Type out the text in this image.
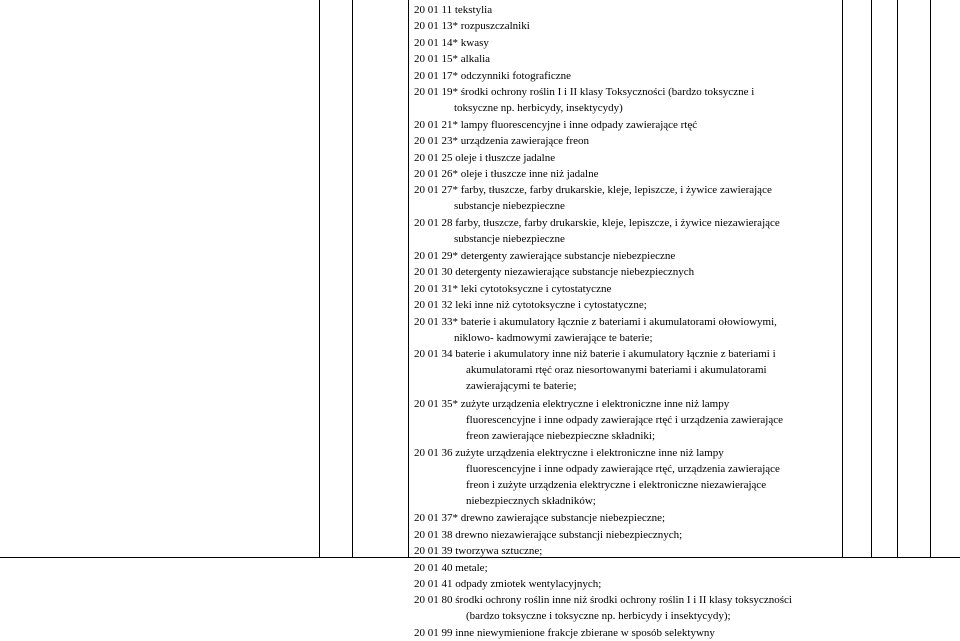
20 01 11 tekstylia
20 01 13* rozpuszczalniki
20 01 14* kwasy
20 01 15* alkalia
20 01 17* odczynniki fotograficzne
20 01 19* środki ochrony roślin I i II klasy Toksyczności (bardzo toksyczne i
toksyczne np. herbicydy, insektycydy)
20 01 21* lampy fluorescencyjne i inne odpady zawierające rtęć
20 01 23* urządzenia zawierające freon
20 01 25 oleje i tłuszcze jadalne
20 01 26* oleje i tłuszcze inne niż jadalne
20 01 27* farby, tłuszcze, farby drukarskie, kleje, lepiszcze, i żywice zawierające
substancje niebezpieczne
20 01 28 farby, tłuszcze, farby drukarskie, kleje, lepiszcze, i żywice niezawierające
substancje niebezpieczne
20 01 29* detergenty zawierające substancje niebezpieczne
20 01 30 detergenty niezawierające substancje niebezpiecznych
20 01 31* leki cytotoksyczne i cytostatyczne
20 01 32 leki inne niż cytotoksyczne i cytostatyczne;
20 01 33* baterie i akumulatory łącznie z bateriami i akumulatorami ołowiowymi,
niklowo- kadmowymi zawierające te baterie;
20 01 34 baterie i akumulatory inne niż baterie i akumulatory łącznie z bateriami i
akumulatorami rtęć oraz niesortowanymi bateriami i akumulatorami
zawierającymi te baterie;
20 01 35* zużyte urządzenia elektryczne i elektroniczne inne niż lampy
fluorescencyjne i inne odpady zawierające rtęć i urządzenia zawierające
freon zawierające niebezpieczne składniki;
20 01 36 zużyte urządzenia elektryczne i elektroniczne inne niż lampy
fluorescencyjne i inne odpady zawierające rtęć, urządzenia zawierające
freon i zużyte urządzenia elektryczne i elektroniczne niezawierające
niebezpiecznych składników;
20 01 37* drewno zawierające substancje niebezpieczne;
20 01 38 drewno niezawierające substancji niebezpiecznych;
20 01 39 tworzywa sztuczne;
20 01 40 metale;
20 01 41 odpady zmiotek wentylacyjnych;
20 01 80 środki ochrony roślin inne niż środki ochrony roślin I i II klasy toksyczności
(bardzo toksyczne i toksyczne np. herbicydy i insektycydy);
20 01 99 inne niewymienione frakcje zbierane w sposób selektywny
